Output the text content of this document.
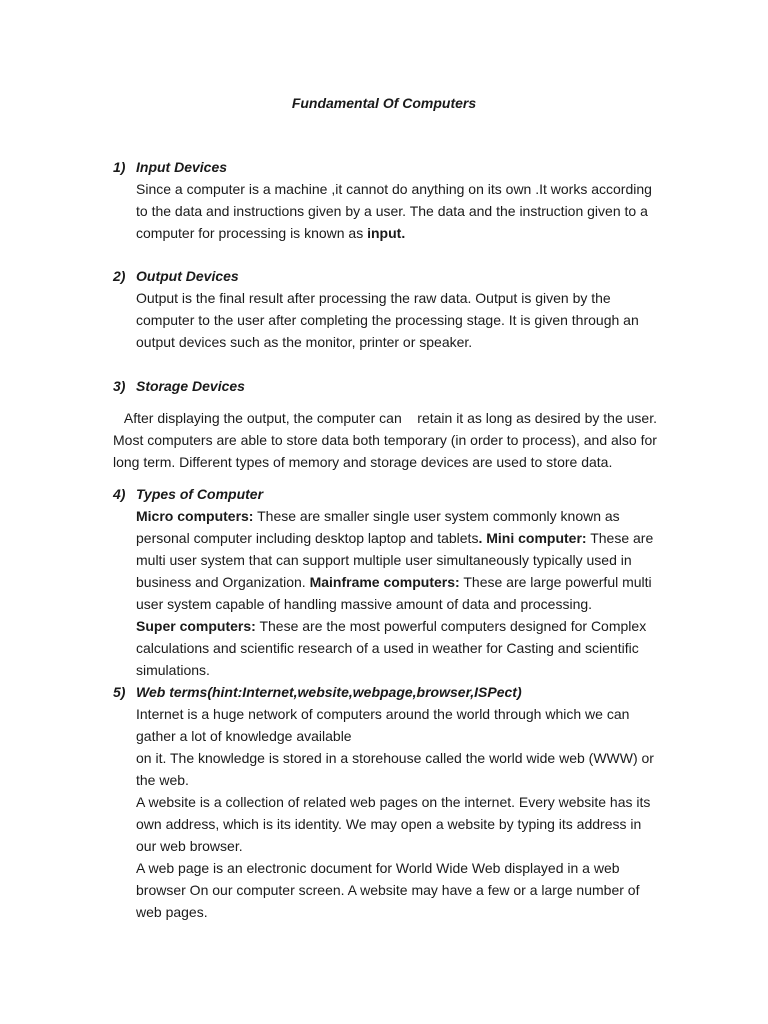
Fundamental Of Computers
1) Input Devices
Since a computer is a machine ,it cannot do anything on its own .It works according
to the data and instructions given by a user. The data and the instruction given to a
computer for processing is known as input.
2) Output Devices
Output is the final result after processing the raw data. Output is given by the
computer to the user after completing the processing stage. It is given through an
output devices such as the monitor, printer or speaker.
3) Storage Devices
After displaying the output, the computer can    retain it as long as desired by the user.
Most computers are able to store data both temporary (in order to process), and also for
long term. Different types of memory and storage devices are used to store data.
4) Types of Computer
Micro computers: These are smaller single user system commonly known as
personal computer including desktop laptop and tablets. Mini computer: These are
multi user system that can support multiple user simultaneously typically used in
business and Organization. Mainframe computers: These are large powerful multi
user system capable of handling massive amount of data and processing.
Super computers: These are the most powerful computers designed for Complex
calculations and scientific research of a used in weather for Casting and scientific
simulations.
5) Web terms(hint:Internet,website,webpage,browser,ISPect)
Internet is a huge network of computers around the world through which we can
gather a lot of knowledge available
on it. The knowledge is stored in a storehouse called the world wide web (WWW) or
the web.
A website is a collection of related web pages on the internet. Every website has its
own address, which is its identity. We may open a website by typing its address in
our web browser.
A web page is an electronic document for World Wide Web displayed in a web
browser On our computer screen. A website may have a few or a large number of
web pages.
